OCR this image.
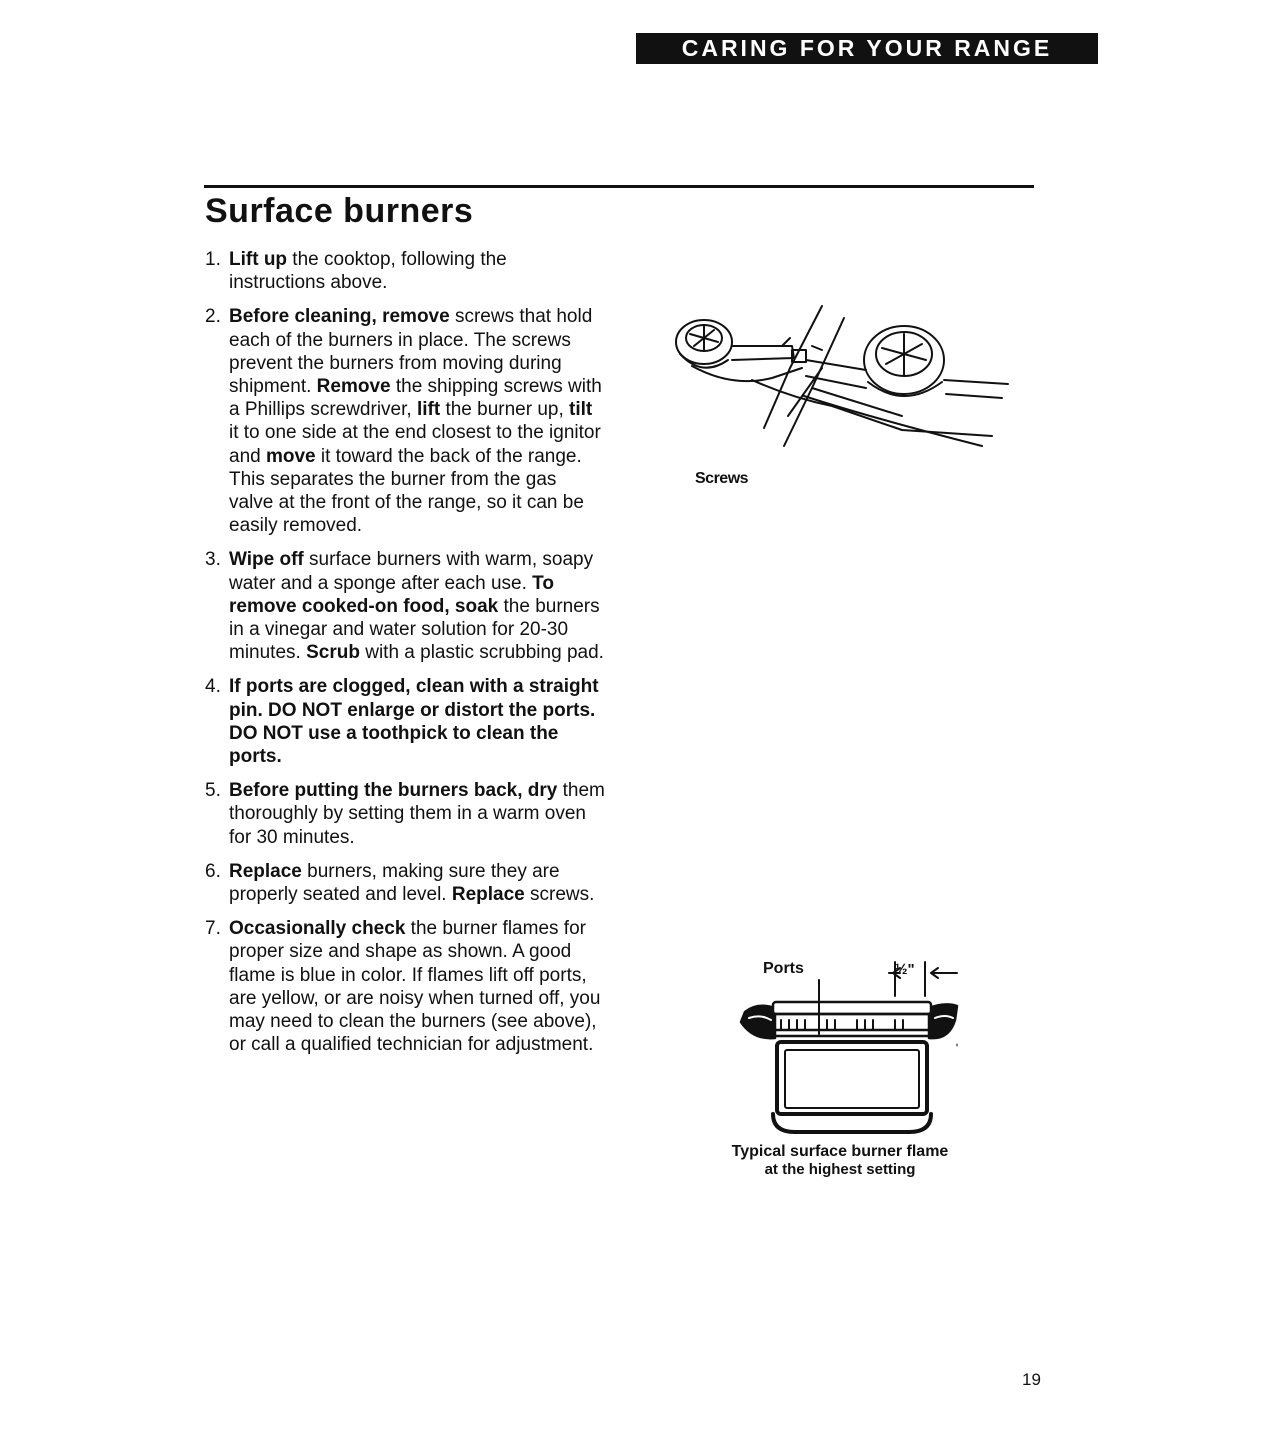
CARING FOR YOUR RANGE
Surface burners
1. Lift up the cooktop, following the instructions above.
2. Before cleaning, remove screws that hold each of the burners in place. The screws prevent the burners from moving during shipment. Remove the shipping screws with a Phillips screwdriver, lift the burner up, tilt it to one side at the end closest to the ignitor and move it toward the back of the range. This separates the burner from the gas valve at the front of the range, so it can be easily removed.
3. Wipe off surface burners with warm, soapy water and a sponge after each use. To remove cooked-on food, soak the burners in a vinegar and water solution for 20-30 minutes. Scrub with a plastic scrubbing pad.
4. If ports are clogged, clean with a straight pin. DO NOT enlarge or distort the ports. DO NOT use a toothpick to clean the ports.
5. Before putting the burners back, dry them thoroughly by setting them in a warm oven for 30 minutes.
6. Replace burners, making sure they are properly seated and level. Replace screws.
7. Occasionally check the burner flames for proper size and shape as shown. A good flame is blue in color. If flames lift off ports, are yellow, or are noisy when turned off, you may need to clean the burners (see above), or call a qualified technician for adjustment.
Screws
Ports	½"
Typical surface burner flame
at the highest setting
19
